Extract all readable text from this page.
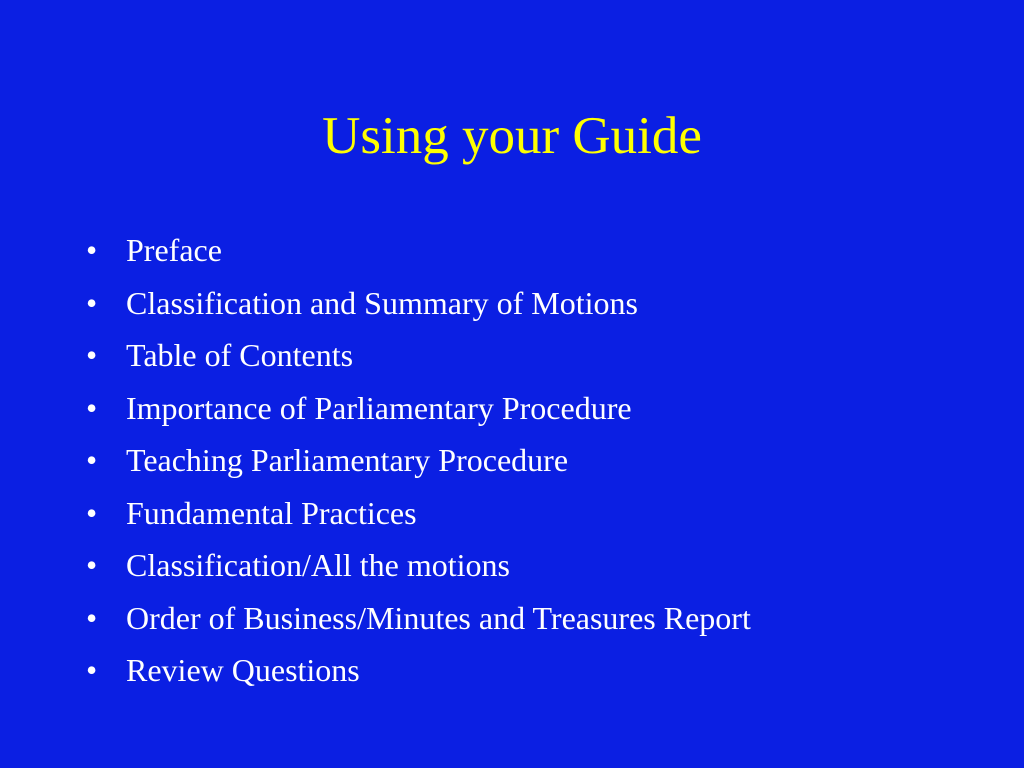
Using your Guide
• Preface
• Classification and Summary of Motions
• Table of Contents
• Importance of Parliamentary Procedure
• Teaching Parliamentary Procedure
• Fundamental Practices
• Classification/All the motions
• Order of Business/Minutes and Treasures Report
• Review Questions
